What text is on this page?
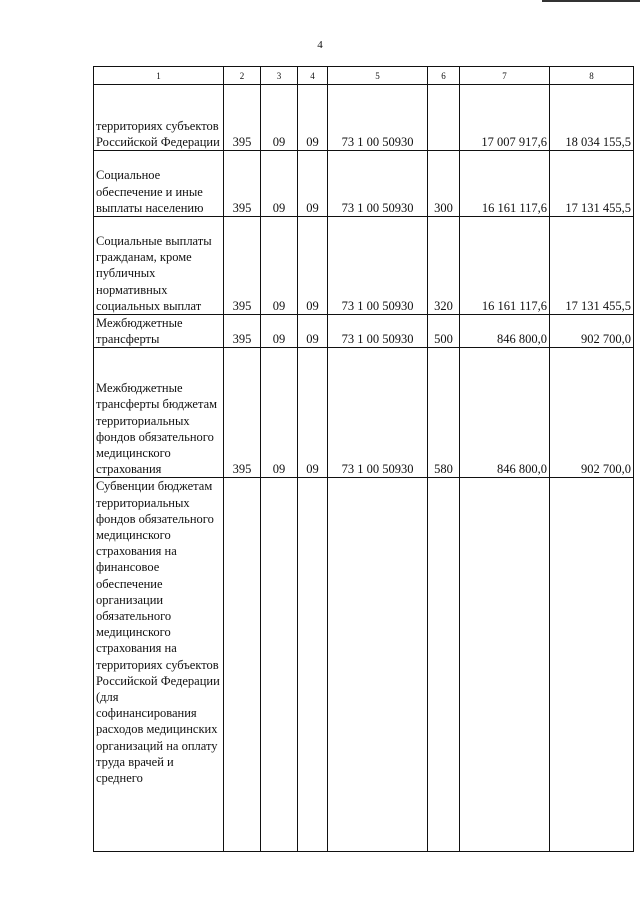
4
1	2	3	4	5	6	7	8
территориях субъектов Российской Федерации	395	09	09	73 1 00 50930		17 007 917,6	18 034 155,5
Социальное обеспечение и иные выплаты населению	395	09	09	73 1 00 50930	300	16 161 117,6	17 131 455,5
Социальные выплаты гражданам, кроме публичных нормативных социальных выплат	395	09	09	73 1 00 50930	320	16 161 117,6	17 131 455,5
Межбюджетные трансферты	395	09	09	73 1 00 50930	500	846 800,0	902 700,0
Межбюджетные трансферты бюджетам территориальных фондов обязательного медицинского страхования	395	09	09	73 1 00 50930	580	846 800,0	902 700,0
Субвенции бюджетам территориальных фондов обязательного медицинского страхования на финансовое обеспечение организации обязательного медицинского страхования на территориях субъектов Российской Федерации (для софинансирования расходов медицинских организаций на оплату труда врачей и среднего							
